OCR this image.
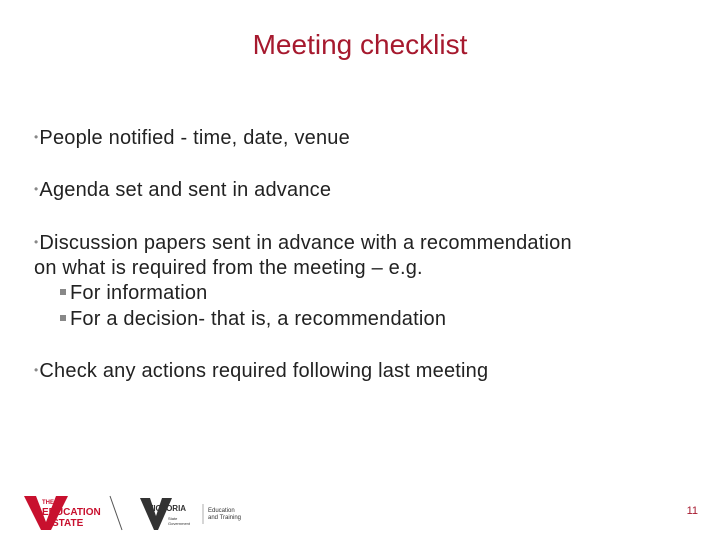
Meeting checklist
•People notified - time, date, venue
•Agenda set and sent in advance
•Discussion papers sent in advance with a recommendation
on what is required from the meeting – e.g.
For information
For a decision- that is, a recommendation
•Check any actions required following last meeting
THE
EDUCATION
STATE
VICTORIA
State
Government
Education
and Training
11
